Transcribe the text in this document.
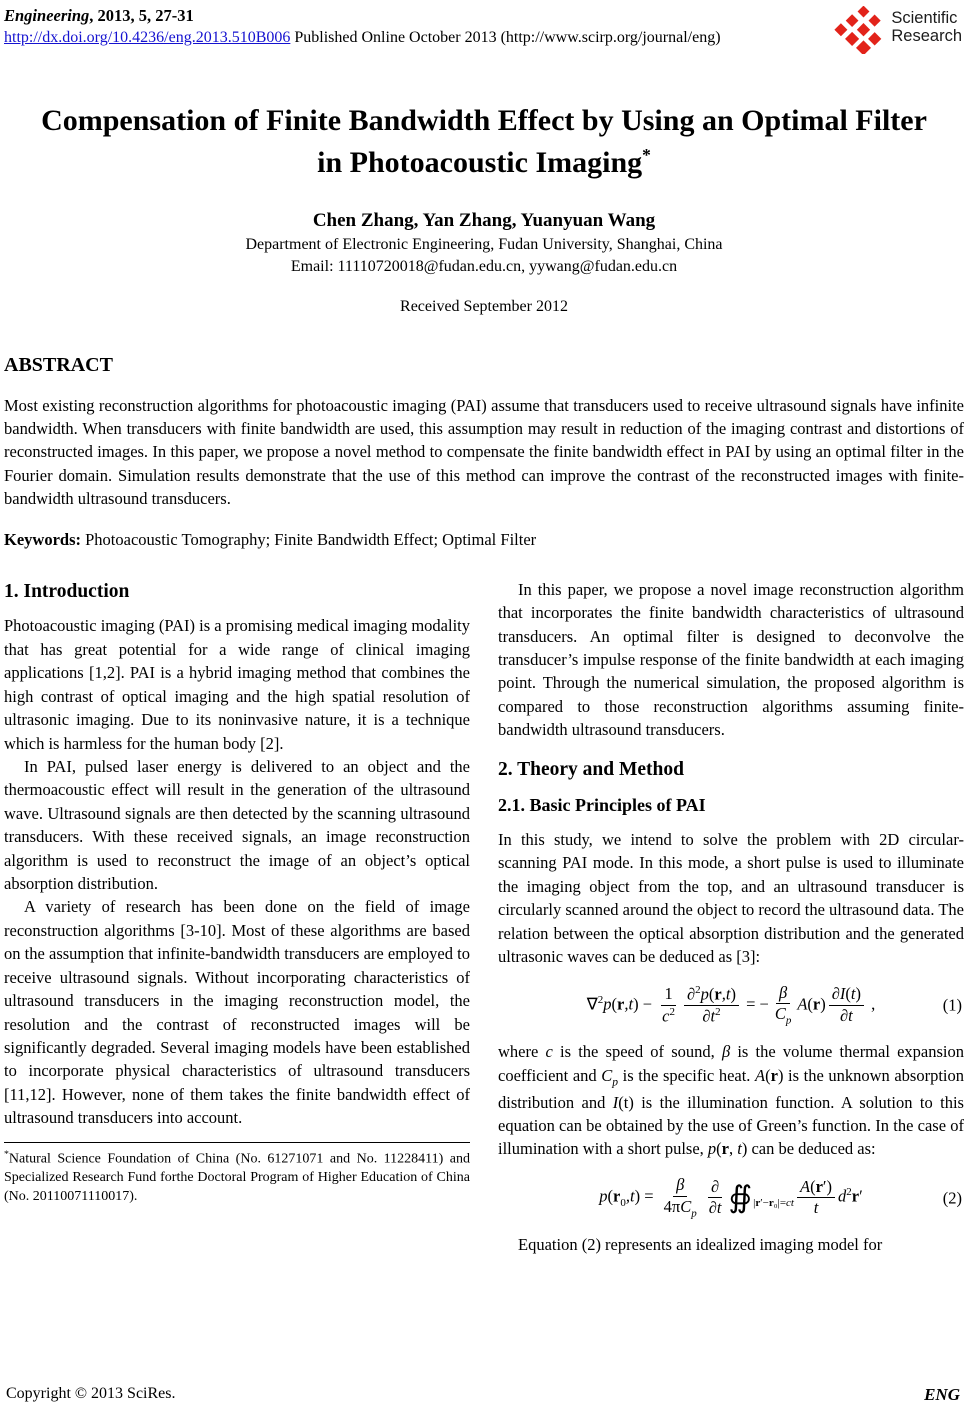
Engineering, 2013, 5, 27-31
http://dx.doi.org/10.4236/eng.2013.510B006 Published Online October 2013 (http://www.scirp.org/journal/eng)
Scientific
Research
Compensation of Finite Bandwidth Effect by Using an Optimal Filter in Photoacoustic Imaging*
Chen Zhang, Yan Zhang, Yuanyuan Wang
Department of Electronic Engineering, Fudan University, Shanghai, China
Email: 11110720018@fudan.edu.cn, yywang@fudan.edu.cn
Received September 2012
ABSTRACT

Most existing reconstruction algorithms for photoacoustic imaging (PAI) assume that transducers used to receive ultrasound signals have infinite bandwidth. When transducers with finite bandwidth are used, this assumption may result in reduction of the imaging contrast and distortions of reconstructed images. In this paper, we propose a novel method to compensate the finite bandwidth effect in PAI by using an optimal filter in the Fourier domain. Simulation results demonstrate that the use of this method can improve the contrast of the reconstructed images with finite-bandwidth ultrasound transducers.

Keywords: Photoacoustic Tomography; Finite Bandwidth Effect; Optimal Filter

1. Introduction

Photoacoustic imaging (PAI) is a promising medical imaging modality that has great potential for a wide range of clinical imaging applications [1,2]. PAI is a hybrid imaging method that combines the high contrast of optical imaging and the high spatial resolution of ultrasonic imaging. Due to its noninvasive nature, it is a technique which is harmless for the human body [2].

In PAI, pulsed laser energy is delivered to an object and the thermoacoustic effect will result in the generation of the ultrasound wave. Ultrasound signals are then detected by the scanning ultrasound transducers. With these received signals, an image reconstruction algorithm is used to reconstruct the image of an object’s optical absorption distribution.

A variety of research has been done on the field of image reconstruction algorithms [3-10]. Most of these algorithms are based on the assumption that infinite-bandwidth transducers are employed to receive ultrasound signals. Without incorporating characteristics of ultrasound transducers in the imaging reconstruction model, the resolution and the contrast of reconstructed images will be significantly degraded. Several imaging models have been established to incorporate physical characteristics of ultrasound transducers [11,12]. However, none of them takes the finite bandwidth effect of ultrasound transducers into account.

*Natural Science Foundation of China (No. 61271071 and No. 11228411) and Specialized Research Fund forthe Doctoral Program of Higher Education of China (No. 20110071110017).

In this paper, we propose a novel image reconstruction algorithm that incorporates the finite bandwidth characteristics of ultrasound transducers. An optimal filter is designed to deconvolve the transducer’s impulse response of the finite bandwidth at each imaging point. Through the numerical simulation, the proposed algorithm is compared to those reconstruction algorithms assuming finite-bandwidth ultrasound transducers.

2. Theory and Method
2.1. Basic Principles of PAI

In this study, we intend to solve the problem with 2D circular-scanning PAI mode. In this mode, a short pulse is used to illuminate the imaging object from the top, and an ultrasound transducer is circularly scanned around the object to record the ultrasound data. The relation between the optical absorption distribution and the generated ultrasonic waves can be deduced as [3]:

$\nabla^2p(r,t) - \frac{1}{c^2} \frac{\partial^2p(r,t)}{\partial t^2}$ = − $\frac{\beta}{C_p} A(r) \frac{\partial I(t)}{\partial t}$ ,	(1)

where c is the speed of sound, β is the volume thermal expansion coefficient and $C_p$ is the specific heat. A(r) is the unknown absorption distribution and I(t) is the illumination function. A solution to this equation can be obtained by the use of Green’s function. In the case of illumination with a short pulse, p(r, t) can be deduced as:

$p(r_0,t) = \frac{\beta}{4\pi C_p} \frac{\partial}{\partial t}$ $∯_{|r'-r_0|=ct} \frac{A(r')}{t} d^2r'$	(2)

Equation (2) represents an idealized imaging model for

Copyright © 2013 SciRes.	ENG
